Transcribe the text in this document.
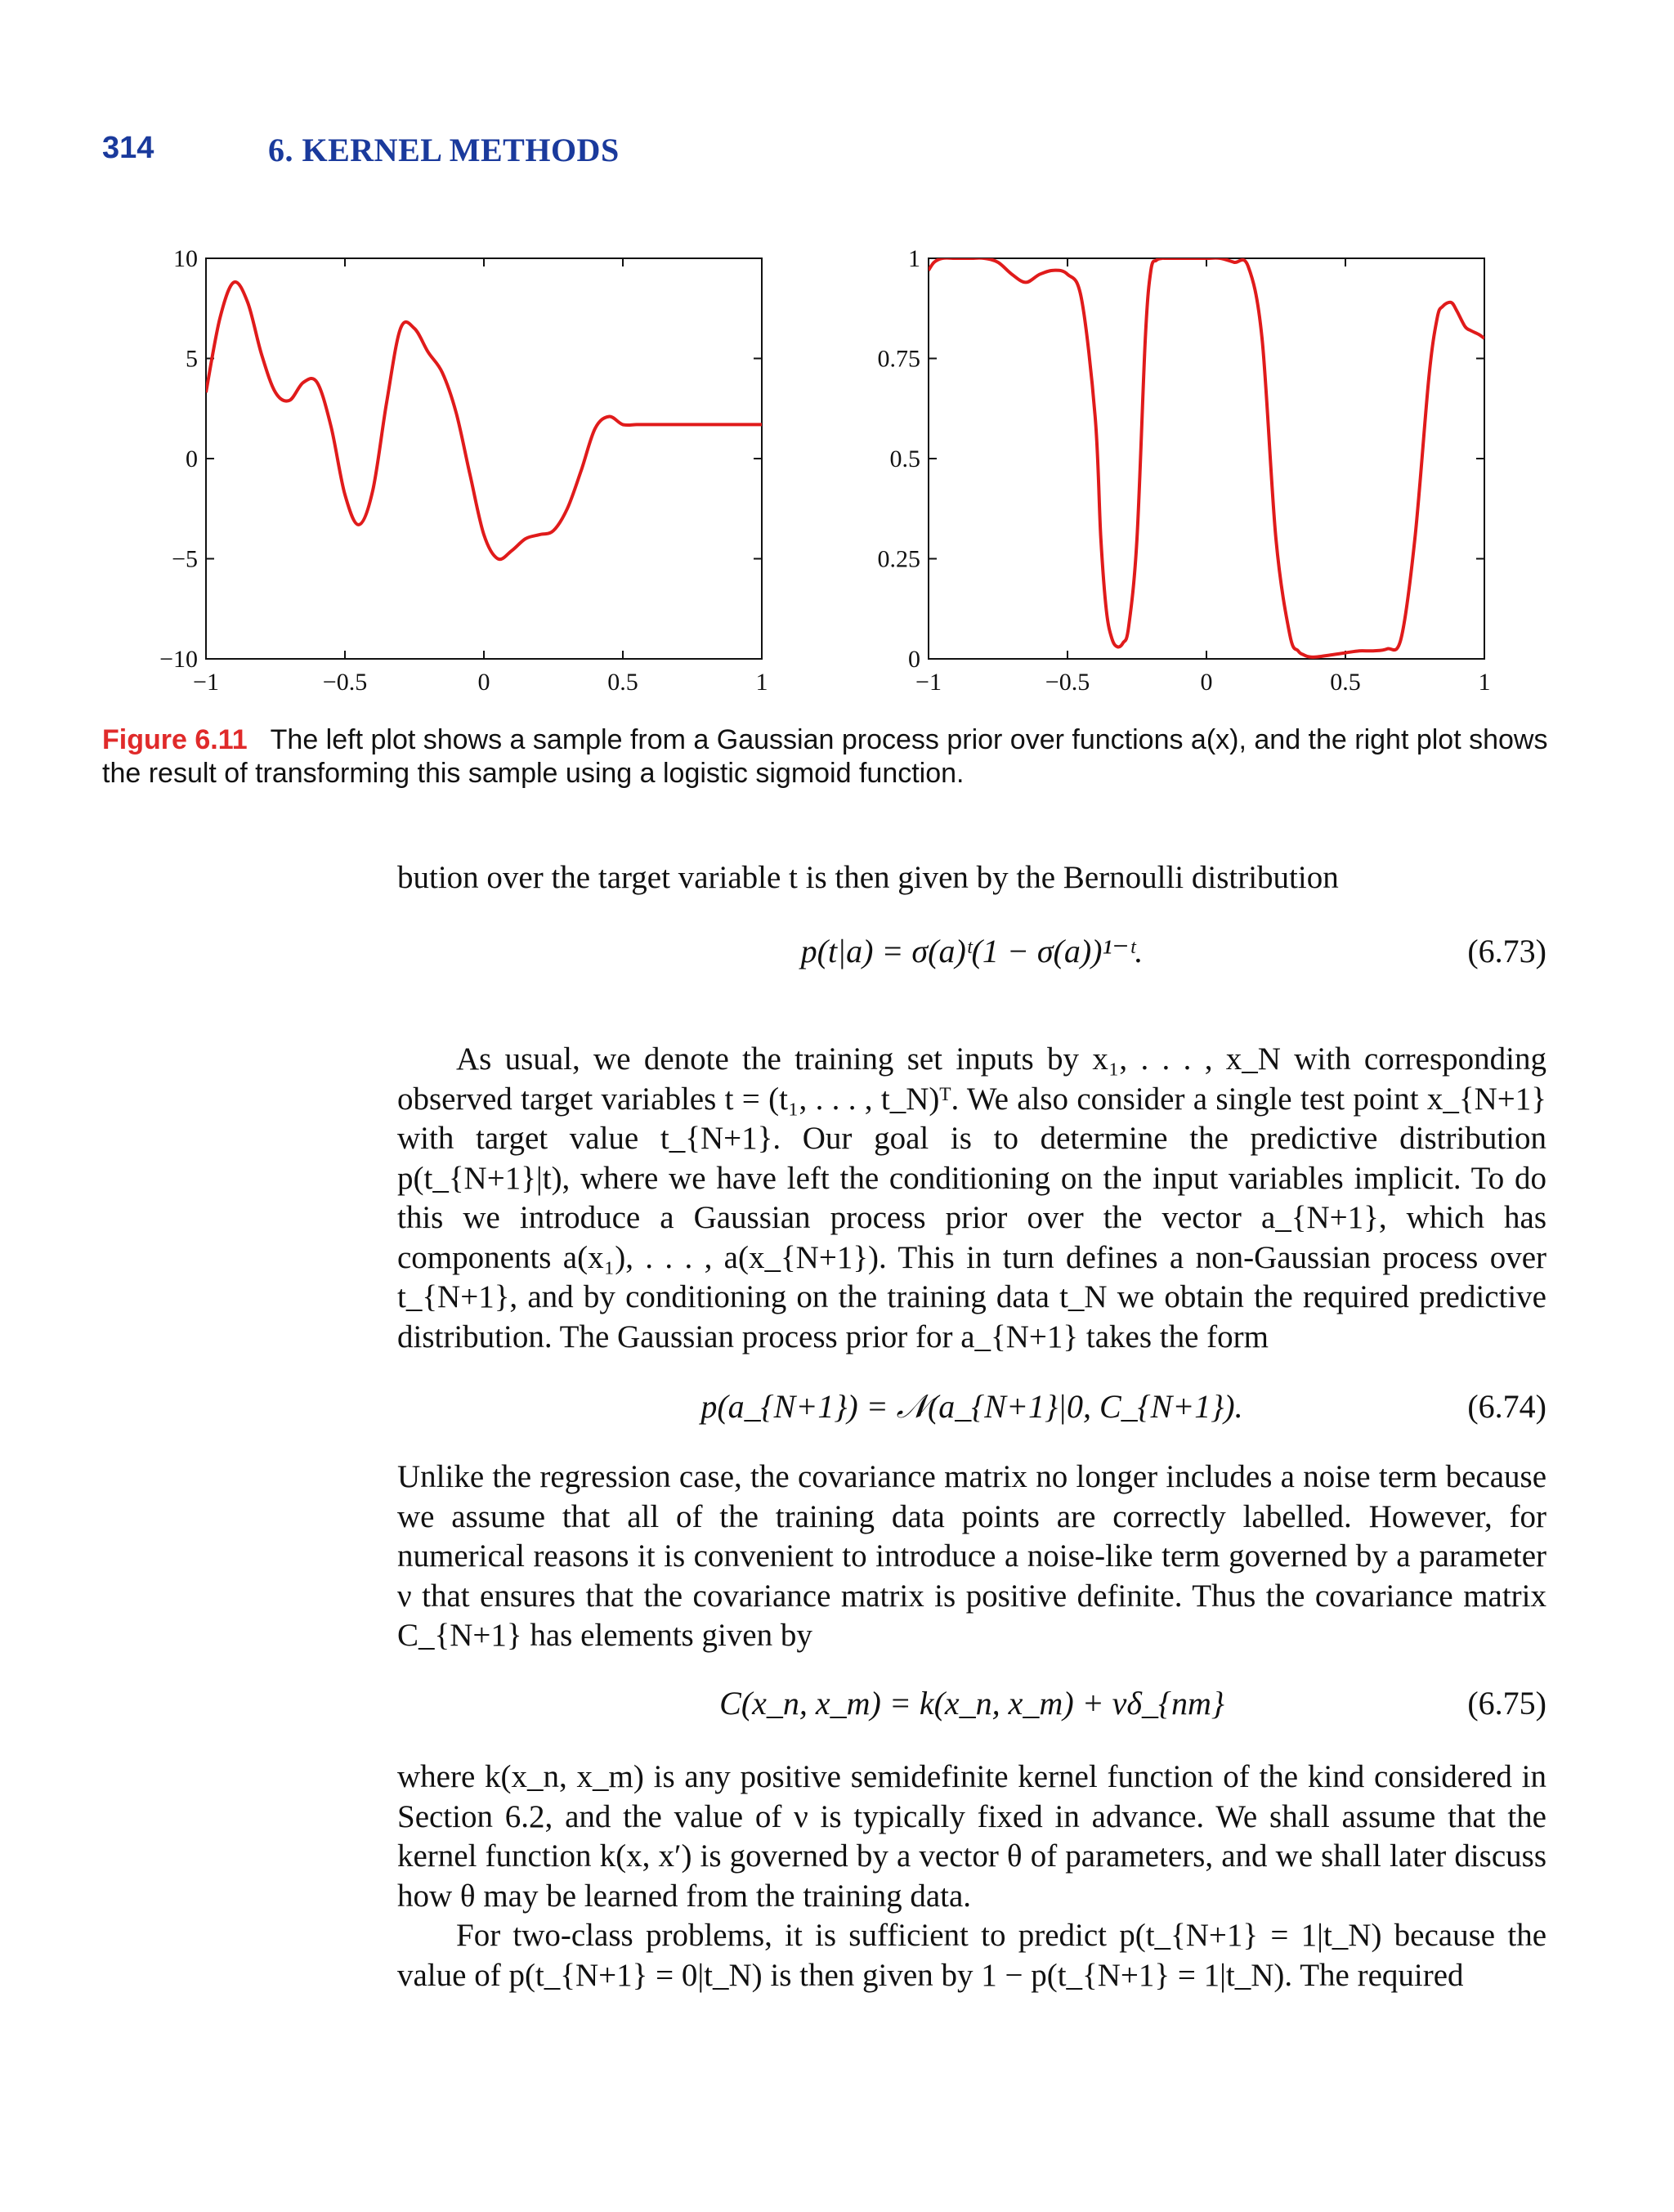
314	6. KERNEL METHODS
−1	−0.5	0	0.5	1
10
5
0
−5
−10
−1	−0.5	0	0.5	1
1
0.75
0.5
0.25
0
Figure 6.11 The left plot shows a sample from a Gaussian process prior over functions a(x), and the right plot shows the result of transforming this sample using a logistic sigmoid function.
bution over the target variable t is then given by the Bernoulli distribution
p(t|a) = σ(a)ᵗ(1 − σ(a))¹⁻ᵗ.	(6.73)
As usual, we denote the training set inputs by x₁, . . . , x_N with corresponding observed target variables t = (t₁, . . . , t_N)ᵀ. We also consider a single test point x_{N+1} with target value t_{N+1}. Our goal is to determine the predictive distribution p(t_{N+1}|t), where we have left the conditioning on the input variables implicit. To do this we introduce a Gaussian process prior over the vector a_{N+1}, which has components a(x₁), . . . , a(x_{N+1}). This in turn defines a non-Gaussian process over t_{N+1}, and by conditioning on the training data t_N we obtain the required predictive distribution. The Gaussian process prior for a_{N+1} takes the form
p(a_{N+1}) = 𝒩(a_{N+1}|0, C_{N+1}).	(6.74)
Unlike the regression case, the covariance matrix no longer includes a noise term because we assume that all of the training data points are correctly labelled. However, for numerical reasons it is convenient to introduce a noise-like term governed by a parameter ν that ensures that the covariance matrix is positive definite. Thus the covariance matrix C_{N+1} has elements given by
C(x_n, x_m) = k(x_n, x_m) + νδ_{nm}	(6.75)
where k(x_n, x_m) is any positive semidefinite kernel function of the kind considered in Section 6.2, and the value of ν is typically fixed in advance. We shall assume that the kernel function k(x, x′) is governed by a vector θ of parameters, and we shall later discuss how θ may be learned from the training data.
For two-class problems, it is sufficient to predict p(t_{N+1} = 1|t_N) because the value of p(t_{N+1} = 0|t_N) is then given by 1 − p(t_{N+1} = 1|t_N). The required
